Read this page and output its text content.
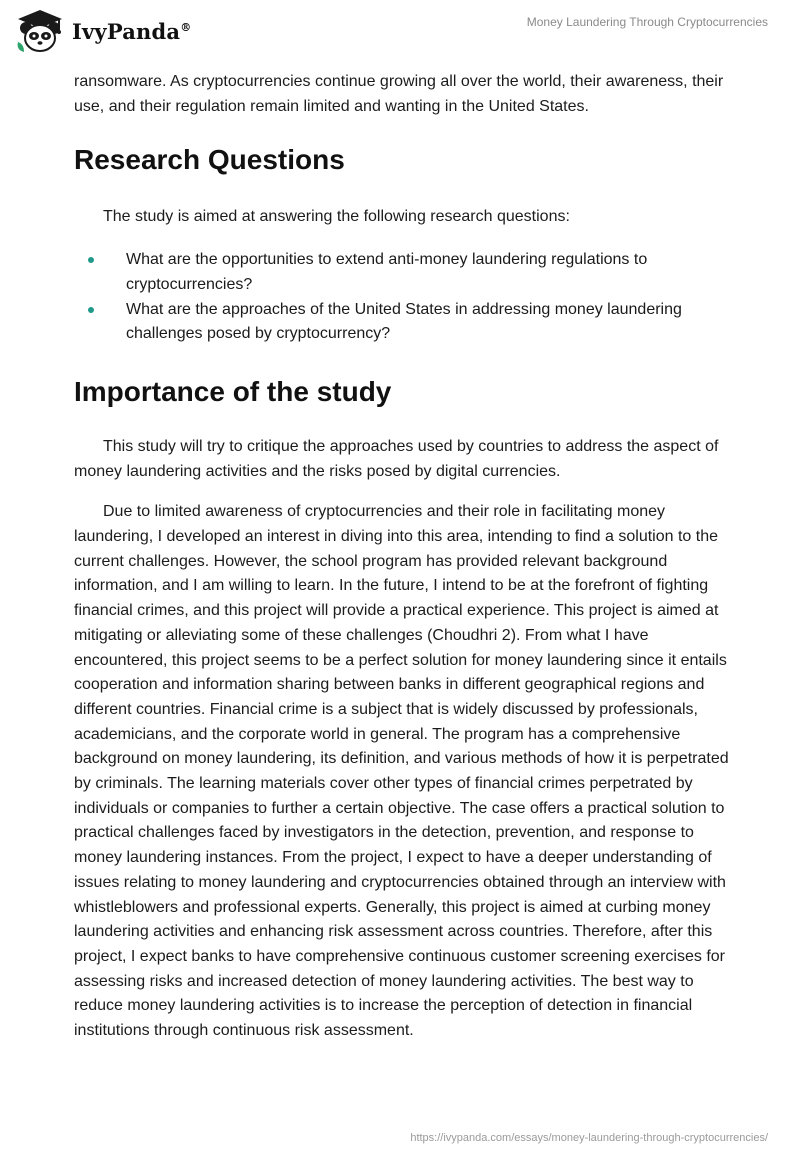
IvyPanda®	Money Laundering Through Cryptocurrencies

ransomware. As cryptocurrencies continue growing all over the world, their awareness, their use, and their regulation remain limited and wanting in the United States.

Research Questions

The study is aimed at answering the following research questions:

What are the opportunities to extend anti-money laundering regulations to cryptocurrencies?
What are the approaches of the United States in addressing money laundering challenges posed by cryptocurrency?
Importance of the study

This study will try to critique the approaches used by countries to address the aspect of money laundering activities and the risks posed by digital currencies.

Due to limited awareness of cryptocurrencies and their role in facilitating money laundering, I developed an interest in diving into this area, intending to find a solution to the current challenges. However, the school program has provided relevant background information, and I am willing to learn. In the future, I intend to be at the forefront of fighting financial crimes, and this project will provide a practical experience. This project is aimed at mitigating or alleviating some of these challenges (Choudhri 2). From what I have encountered, this project seems to be a perfect solution for money laundering since it entails cooperation and information sharing between banks in different geographical regions and different countries. Financial crime is a subject that is widely discussed by professionals, academicians, and the corporate world in general. The program has a comprehensive background on money laundering, its definition, and various methods of how it is perpetrated by criminals. The learning materials cover other types of financial crimes perpetrated by individuals or companies to further a certain objective. The case offers a practical solution to practical challenges faced by investigators in the detection, prevention, and response to money laundering instances. From the project, I expect to have a deeper understanding of issues relating to money laundering and cryptocurrencies obtained through an interview with whistleblowers and professional experts. Generally, this project is aimed at curbing money laundering activities and enhancing risk assessment across countries. Therefore, after this project, I expect banks to have comprehensive continuous customer screening exercises for assessing risks and increased detection of money laundering activities. The best way to reduce money laundering activities is to increase the perception of detection in financial institutions through continuous risk assessment.

https://ivypanda.com/essays/money-laundering-through-cryptocurrencies/
